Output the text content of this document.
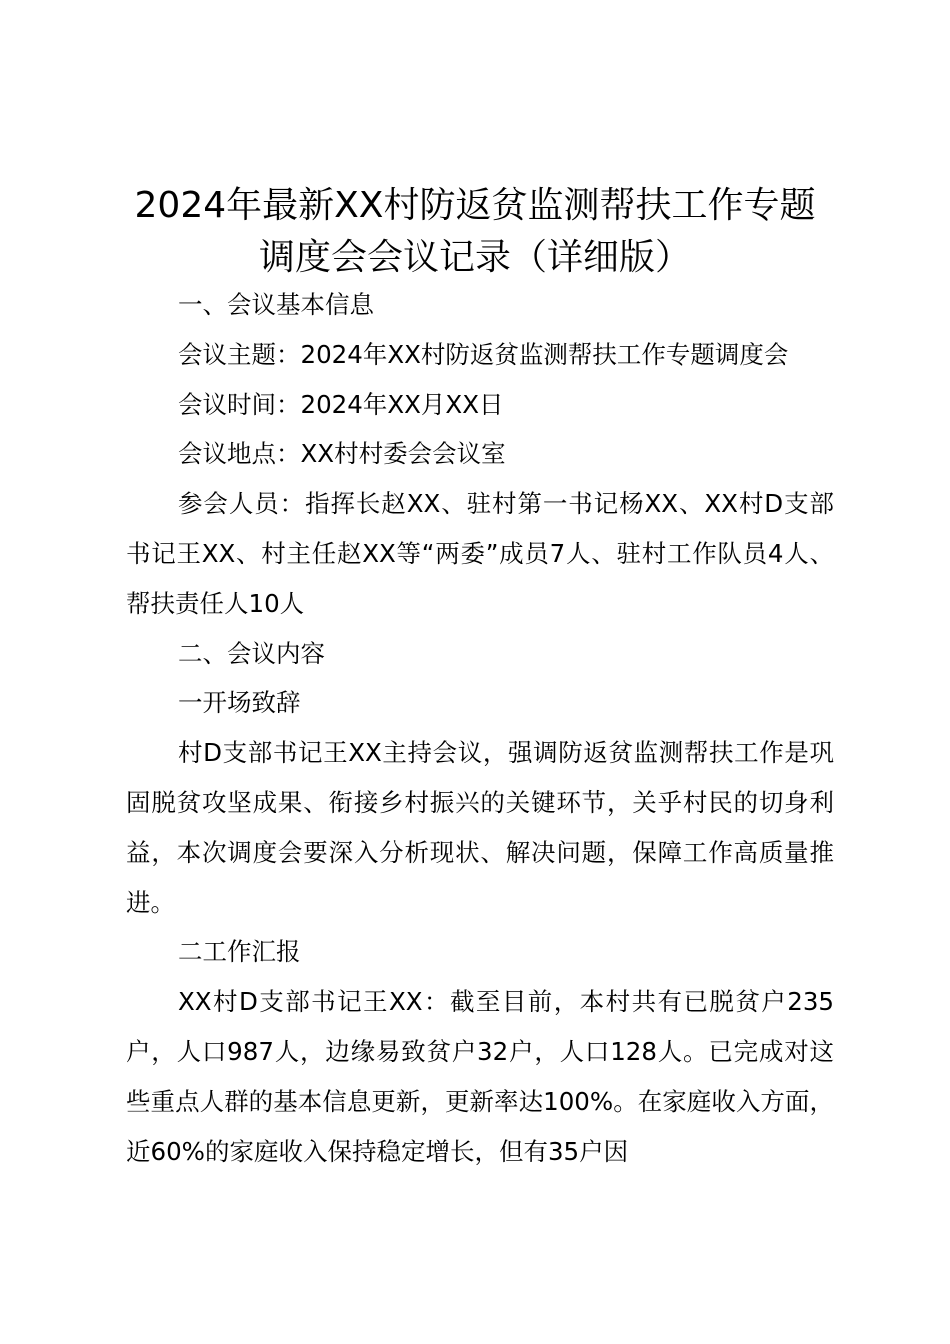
2024年最新XX村防返贫监测帮扶工作专题
调度会会议记录（详细版）

一、会议基本信息

会议主题：2024年XX村防返贫监测帮扶工作专题调度会

会议时间：2024年XX月XX日

会议地点：XX村村委会会议室

参会人员：指挥长赵XX、驻村第一书记杨XX、XX村D支部书记王XX、村主任赵XX等“两委”成员7人、驻村工作队员4人、帮扶责任人10人

二、会议内容

一开场致辞

村D支部书记王XX主持会议，强调防返贫监测帮扶工作是巩固脱贫攻坚成果、衔接乡村振兴的关键环节，关乎村民的切身利益，本次调度会要深入分析现状、解决问题，保障工作高质量推进。

二工作汇报

XX村D支部书记王XX：截至目前，本村共有已脱贫户235户，人口987人，边缘易致贫户32户，人口128人。已完成对这些重点人群的基本信息更新，更新率达100%。在家庭收入方面，近60%的家庭收入保持稳定增长，但有35户因
